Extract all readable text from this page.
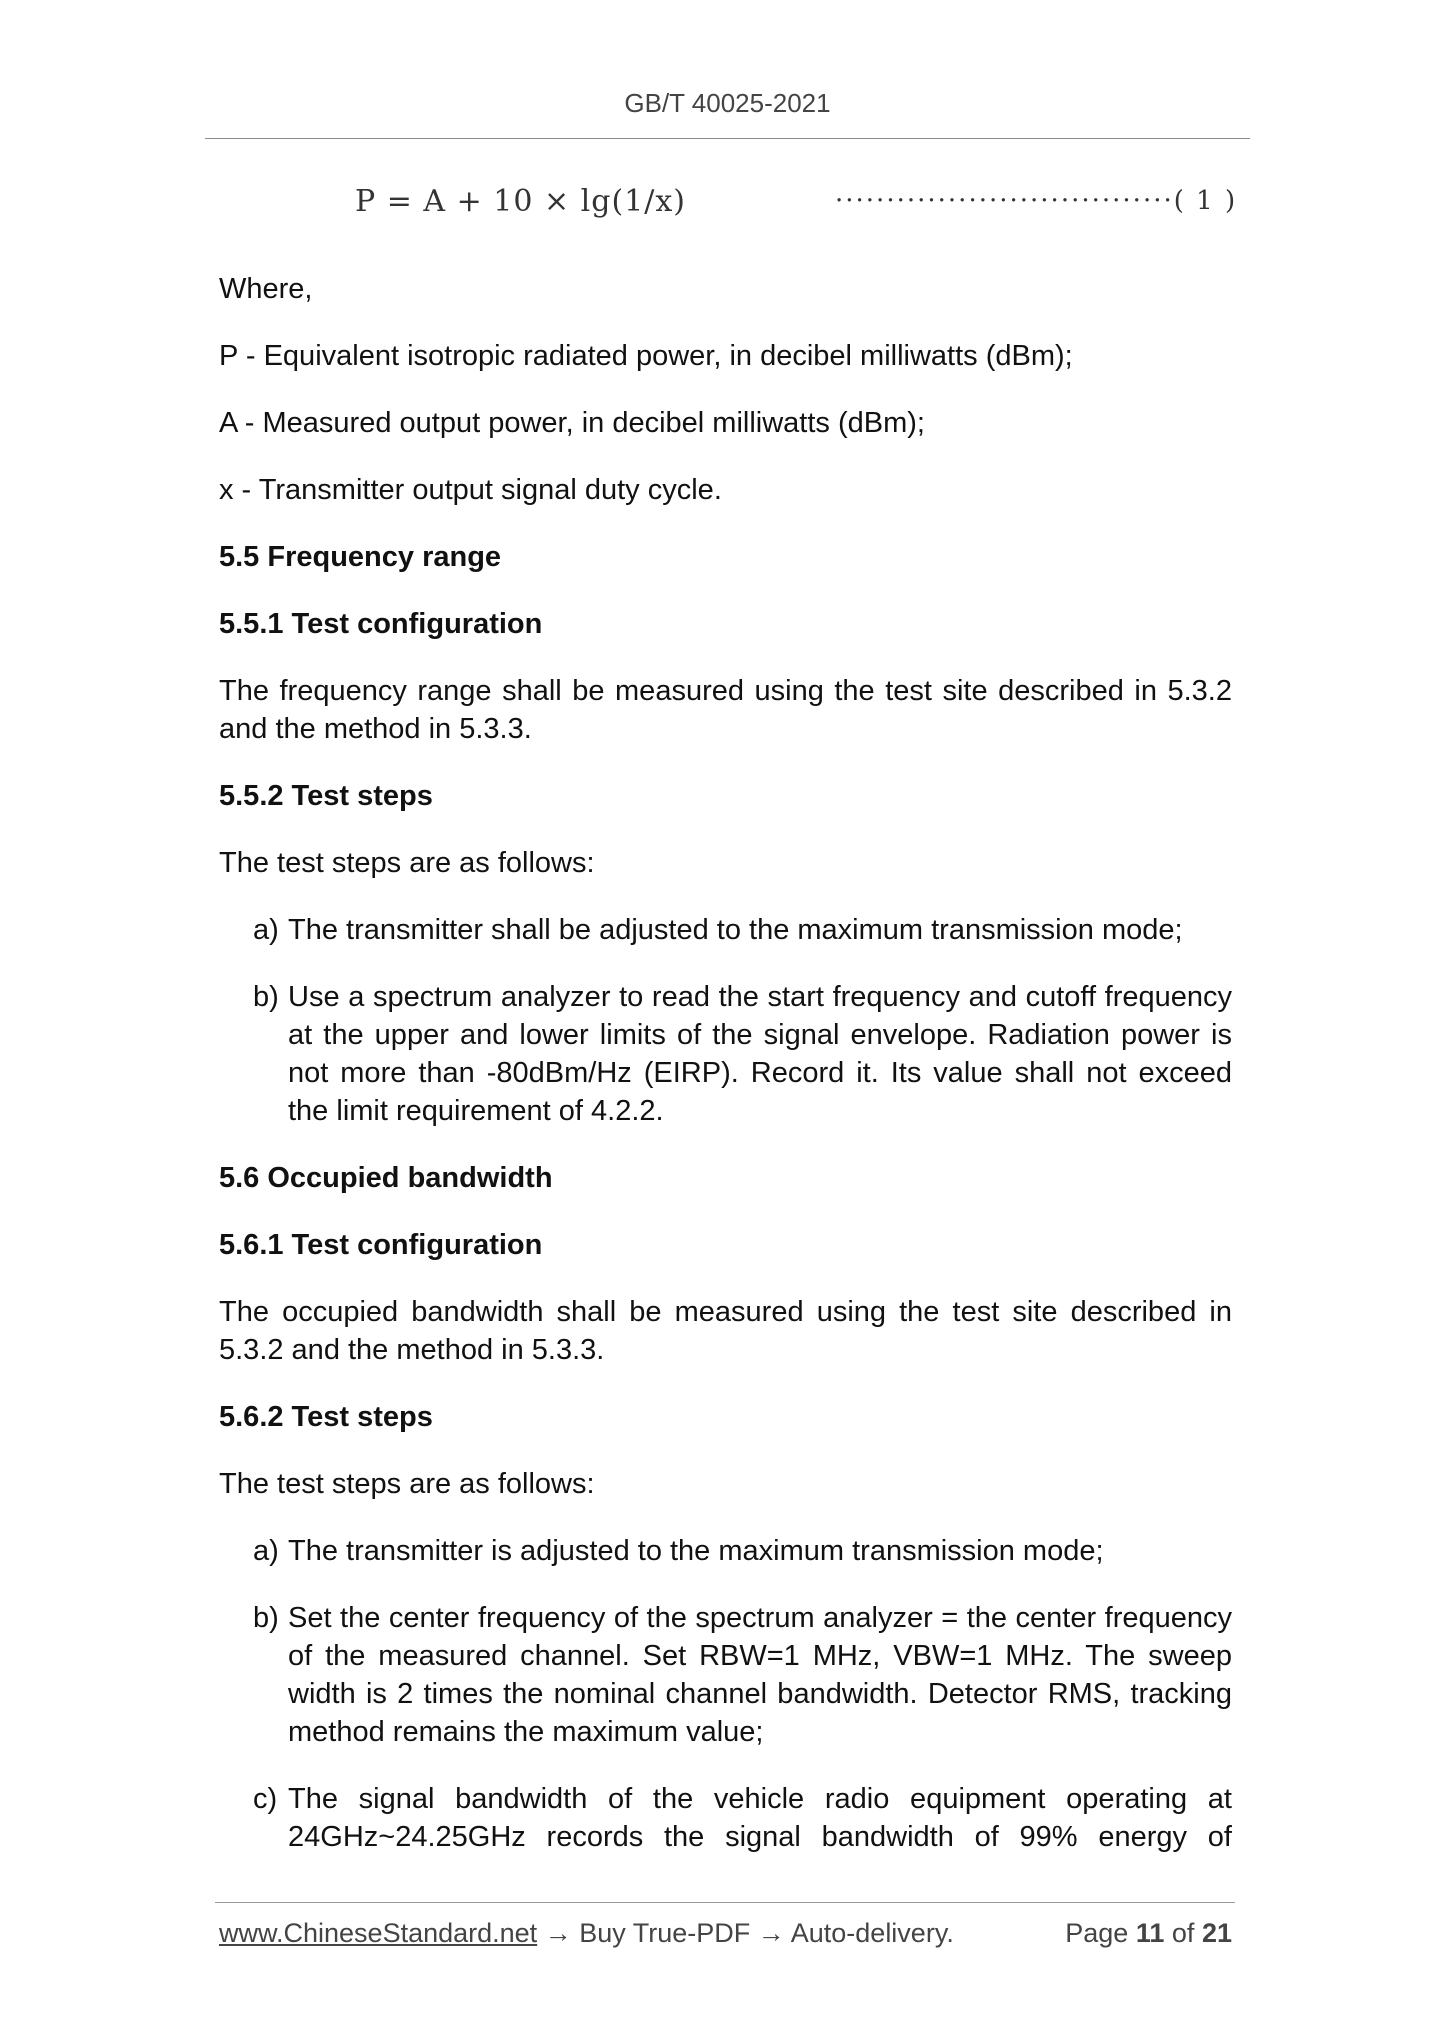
GB/T 40025-2021
P = A + 10 × lg(1/x)	·································( 1 )

Where,

P - Equivalent isotropic radiated power, in decibel milliwatts (dBm);

A - Measured output power, in decibel milliwatts (dBm);

x - Transmitter output signal duty cycle.

5.5 Frequency range

5.5.1 Test configuration

The frequency range shall be measured using the test site described in 5.3.2 and the method in 5.3.3.

5.5.2 Test steps

The test steps are as follows:

a) The transmitter shall be adjusted to the maximum transmission mode;
b) Use a spectrum analyzer to read the start frequency and cutoff frequency at the upper and lower limits of the signal envelope. Radiation power is not more than -80dBm/Hz (EIRP). Record it. Its value shall not exceed the limit requirement of 4.2.2.

5.6 Occupied bandwidth

5.6.1 Test configuration

The occupied bandwidth shall be measured using the test site described in 5.3.2 and the method in 5.3.3.

5.6.2 Test steps

The test steps are as follows:

a) The transmitter is adjusted to the maximum transmission mode;
b) Set the center frequency of the spectrum analyzer = the center frequency of the measured channel. Set RBW=1 MHz, VBW=1 MHz. The sweep width is 2 times the nominal channel bandwidth. Detector RMS, tracking method remains the maximum value;
c) The signal bandwidth of the vehicle radio equipment operating at 24GHz~24.25GHz records the signal bandwidth of 99% energy of
www.ChineseStandard.net → Buy True-PDF → Auto-delivery.	Page 11 of 21
